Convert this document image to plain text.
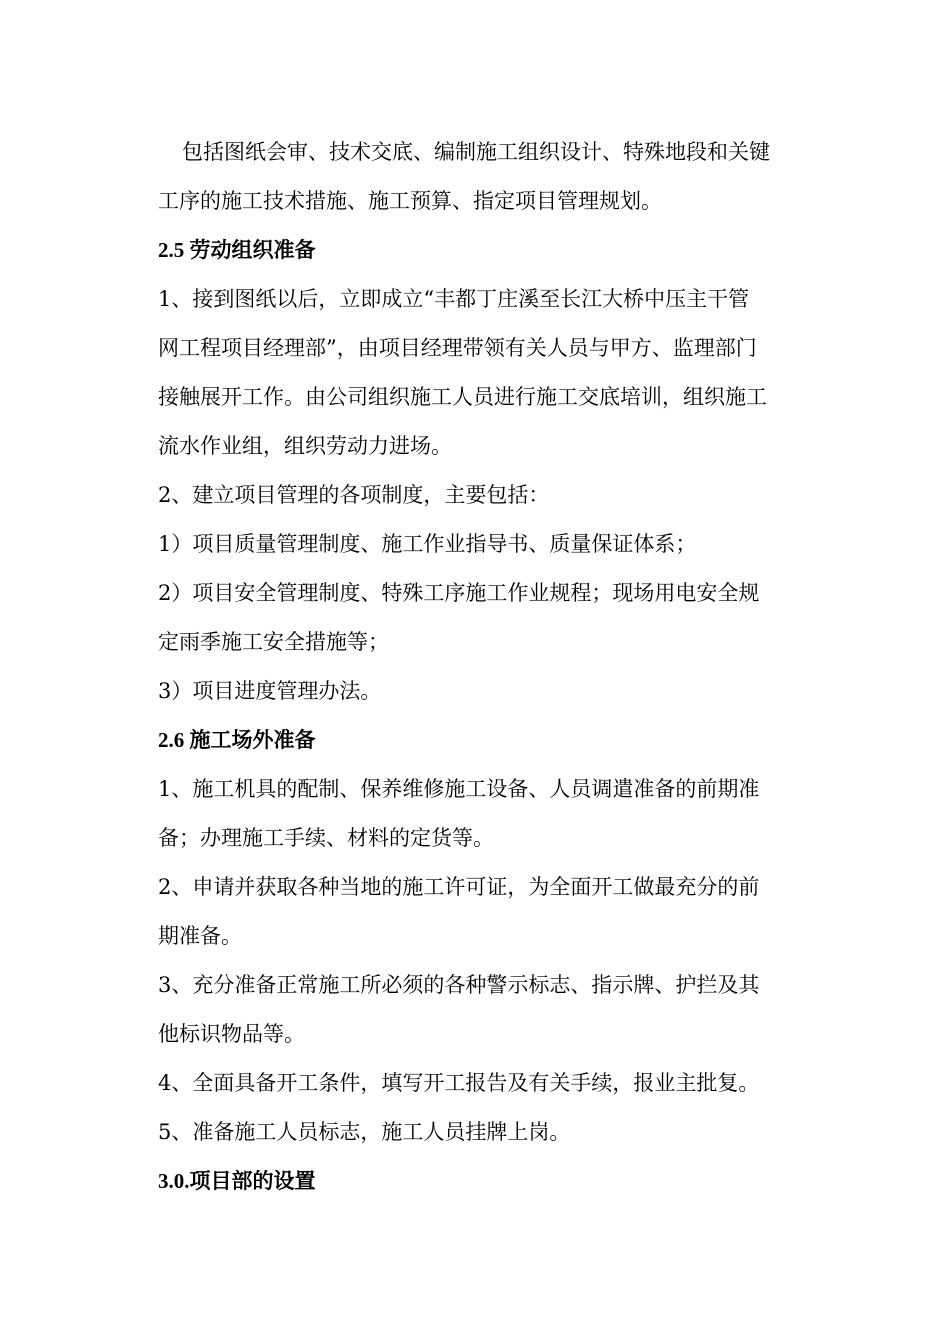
包括图纸会审、技术交底、编制施工组织设计、特殊地段和关键
工序的施工技术措施、施工预算、指定项目管理规划。

2.5 劳动组织准备

1、接到图纸以后，立即成立“丰都丁庄溪至长江大桥中压主干管
网工程项目经理部”，由项目经理带领有关人员与甲方、监理部门
接触展开工作。由公司组织施工人员进行施工交底培训，组织施工
流水作业组，组织劳动力进场。

2、建立项目管理的各项制度，主要包括：

1）项目质量管理制度、施工作业指导书、质量保证体系；

2）项目安全管理制度、特殊工序施工作业规程；现场用电安全规
定雨季施工安全措施等；

3）项目进度管理办法。

2.6 施工场外准备

1、施工机具的配制、保养维修施工设备、人员调遣准备的前期准
备；办理施工手续、材料的定货等。

2、申请并获取各种当地的施工许可证，为全面开工做最充分的前
期准备。

3、充分准备正常施工所必须的各种警示标志、指示牌、护拦及其
他标识物品等。

4、全面具备开工条件，填写开工报告及有关手续，报业主批复。

5、准备施工人员标志，施工人员挂牌上岗。

3.0.项目部的设置
